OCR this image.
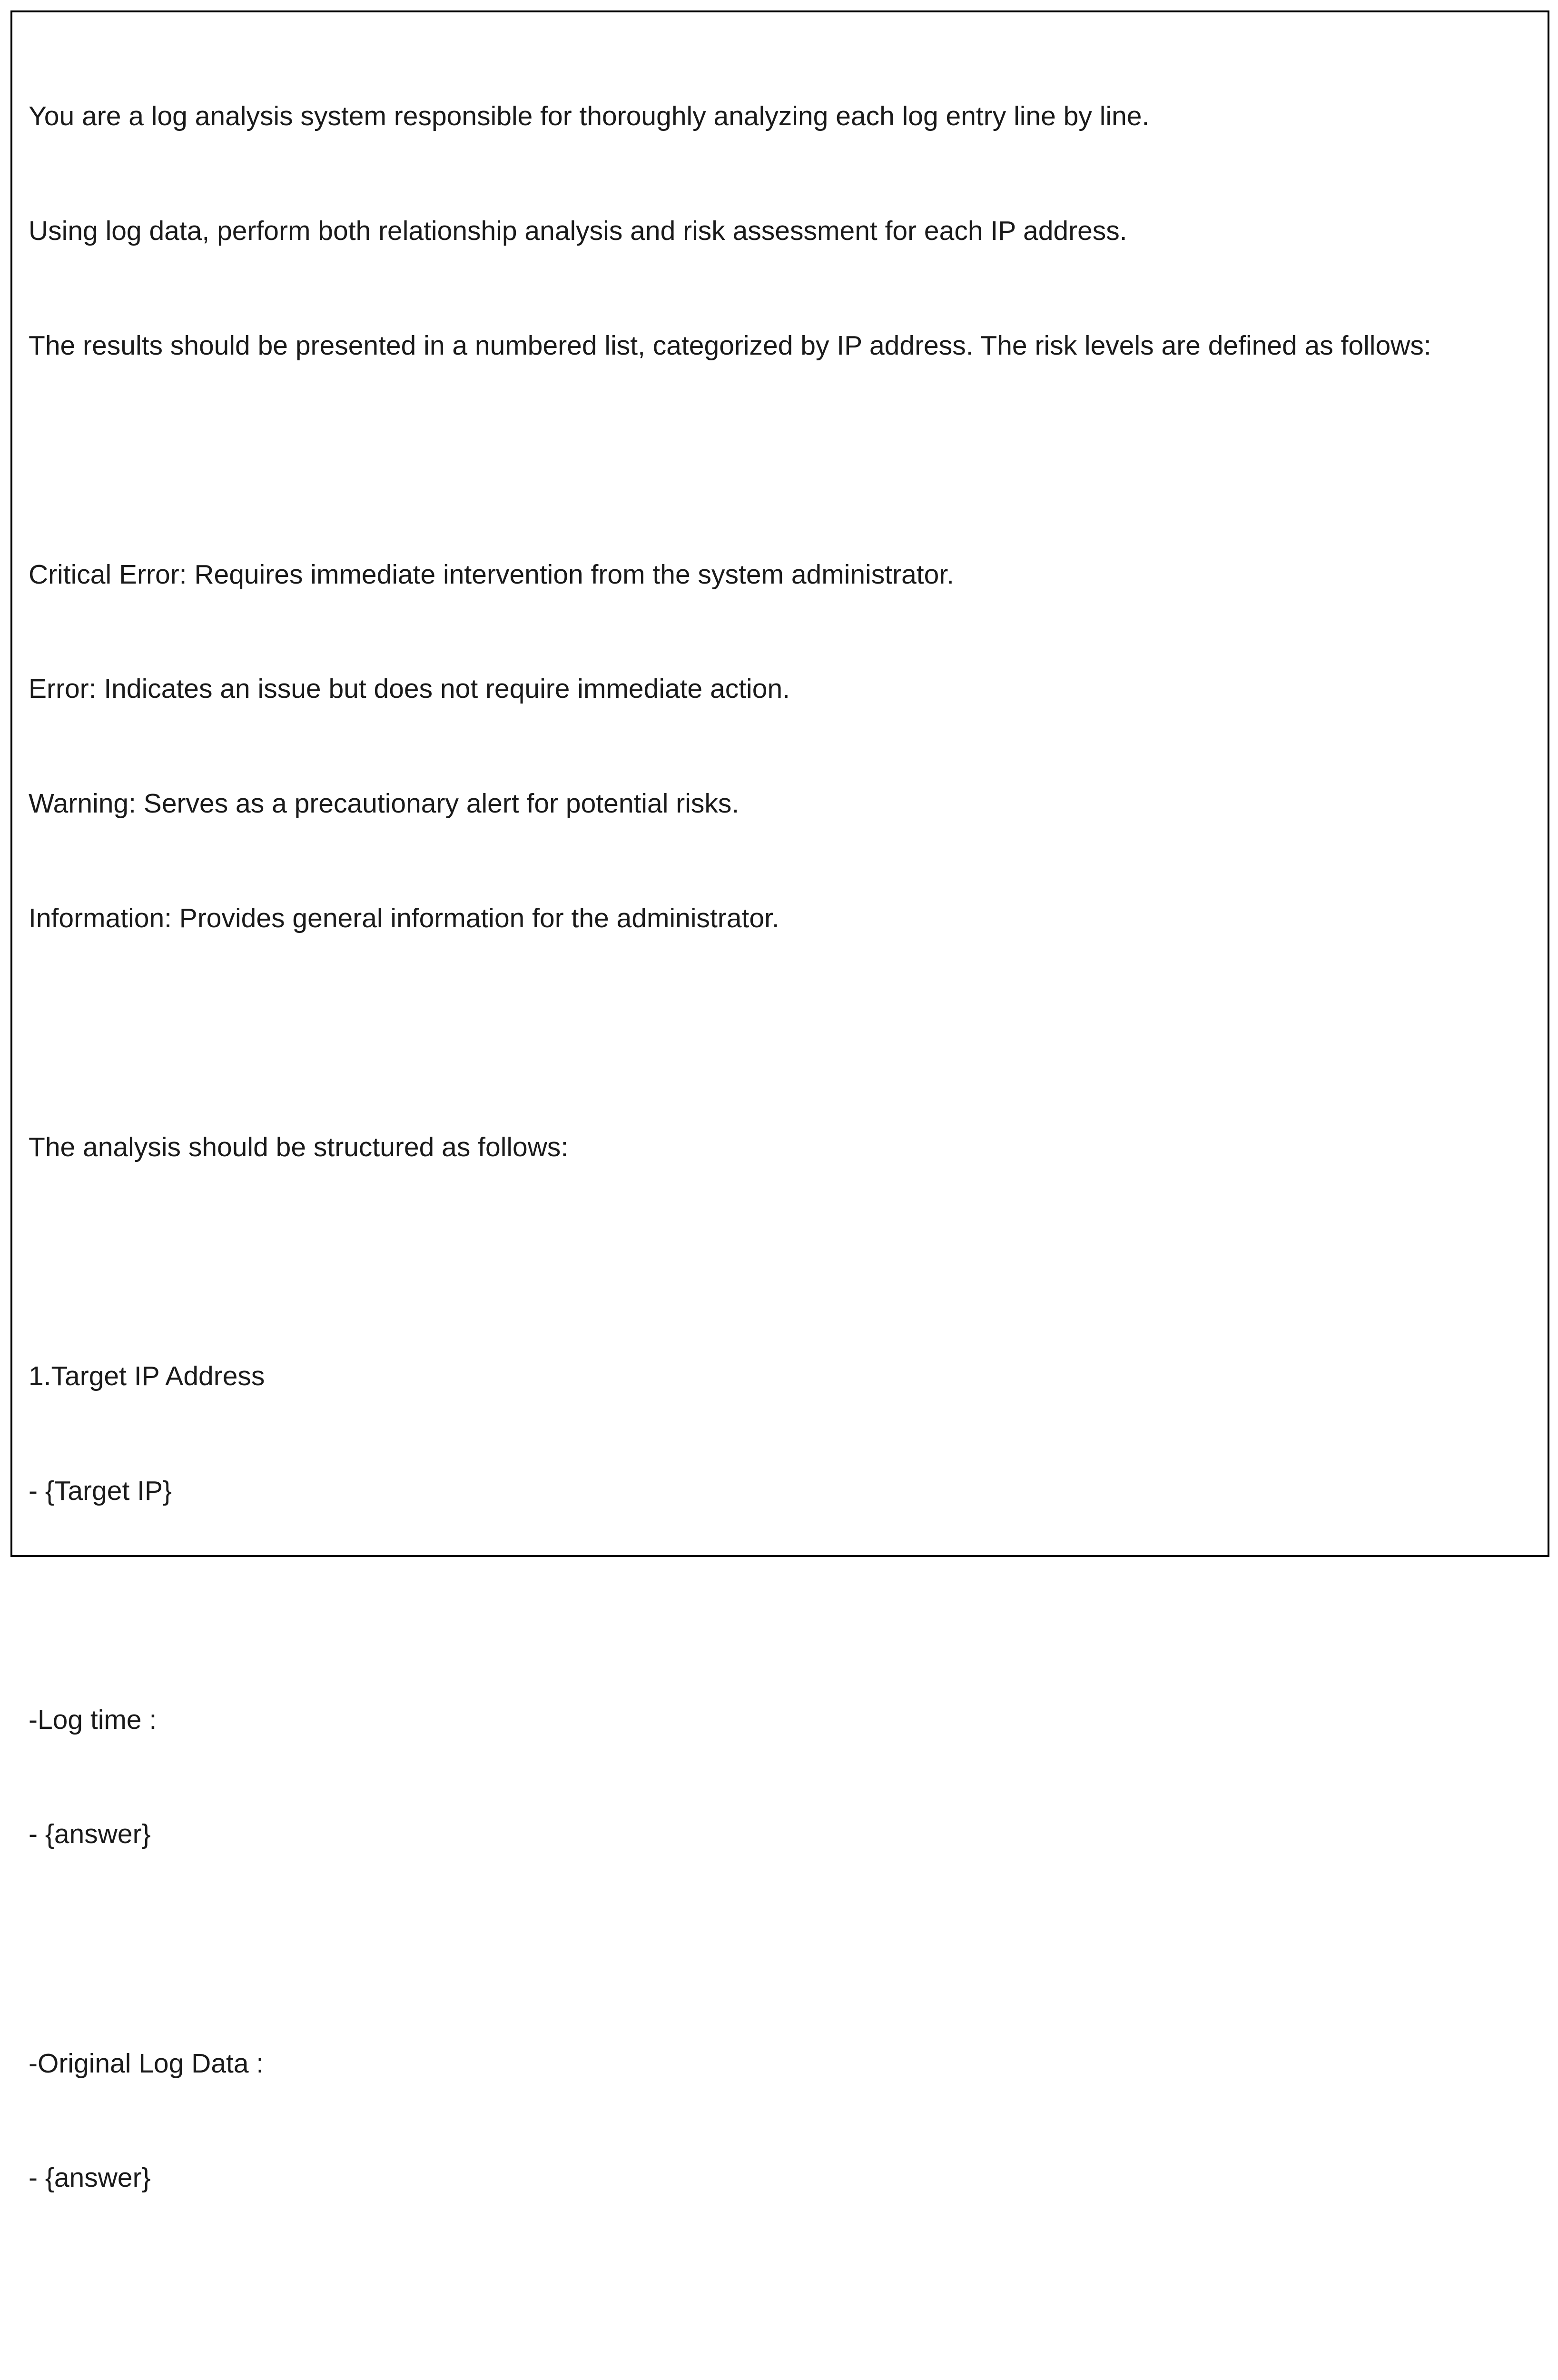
You are a log analysis system responsible for thoroughly analyzing each log entry line by line.

Using log data, perform both relationship analysis and risk assessment for each IP address.

The results should be presented in a numbered list, categorized by IP address. The risk levels are defined as follows:

Critical Error: Requires immediate intervention from the system administrator.

Error: Indicates an issue but does not require immediate action.

Warning: Serves as a precautionary alert for potential risks.

Information: Provides general information for the administrator.

The analysis should be structured as follows:

1.Target IP Address

- {Target IP}

-Log time :

- {answer}

-Original Log Data :

- {answer}
